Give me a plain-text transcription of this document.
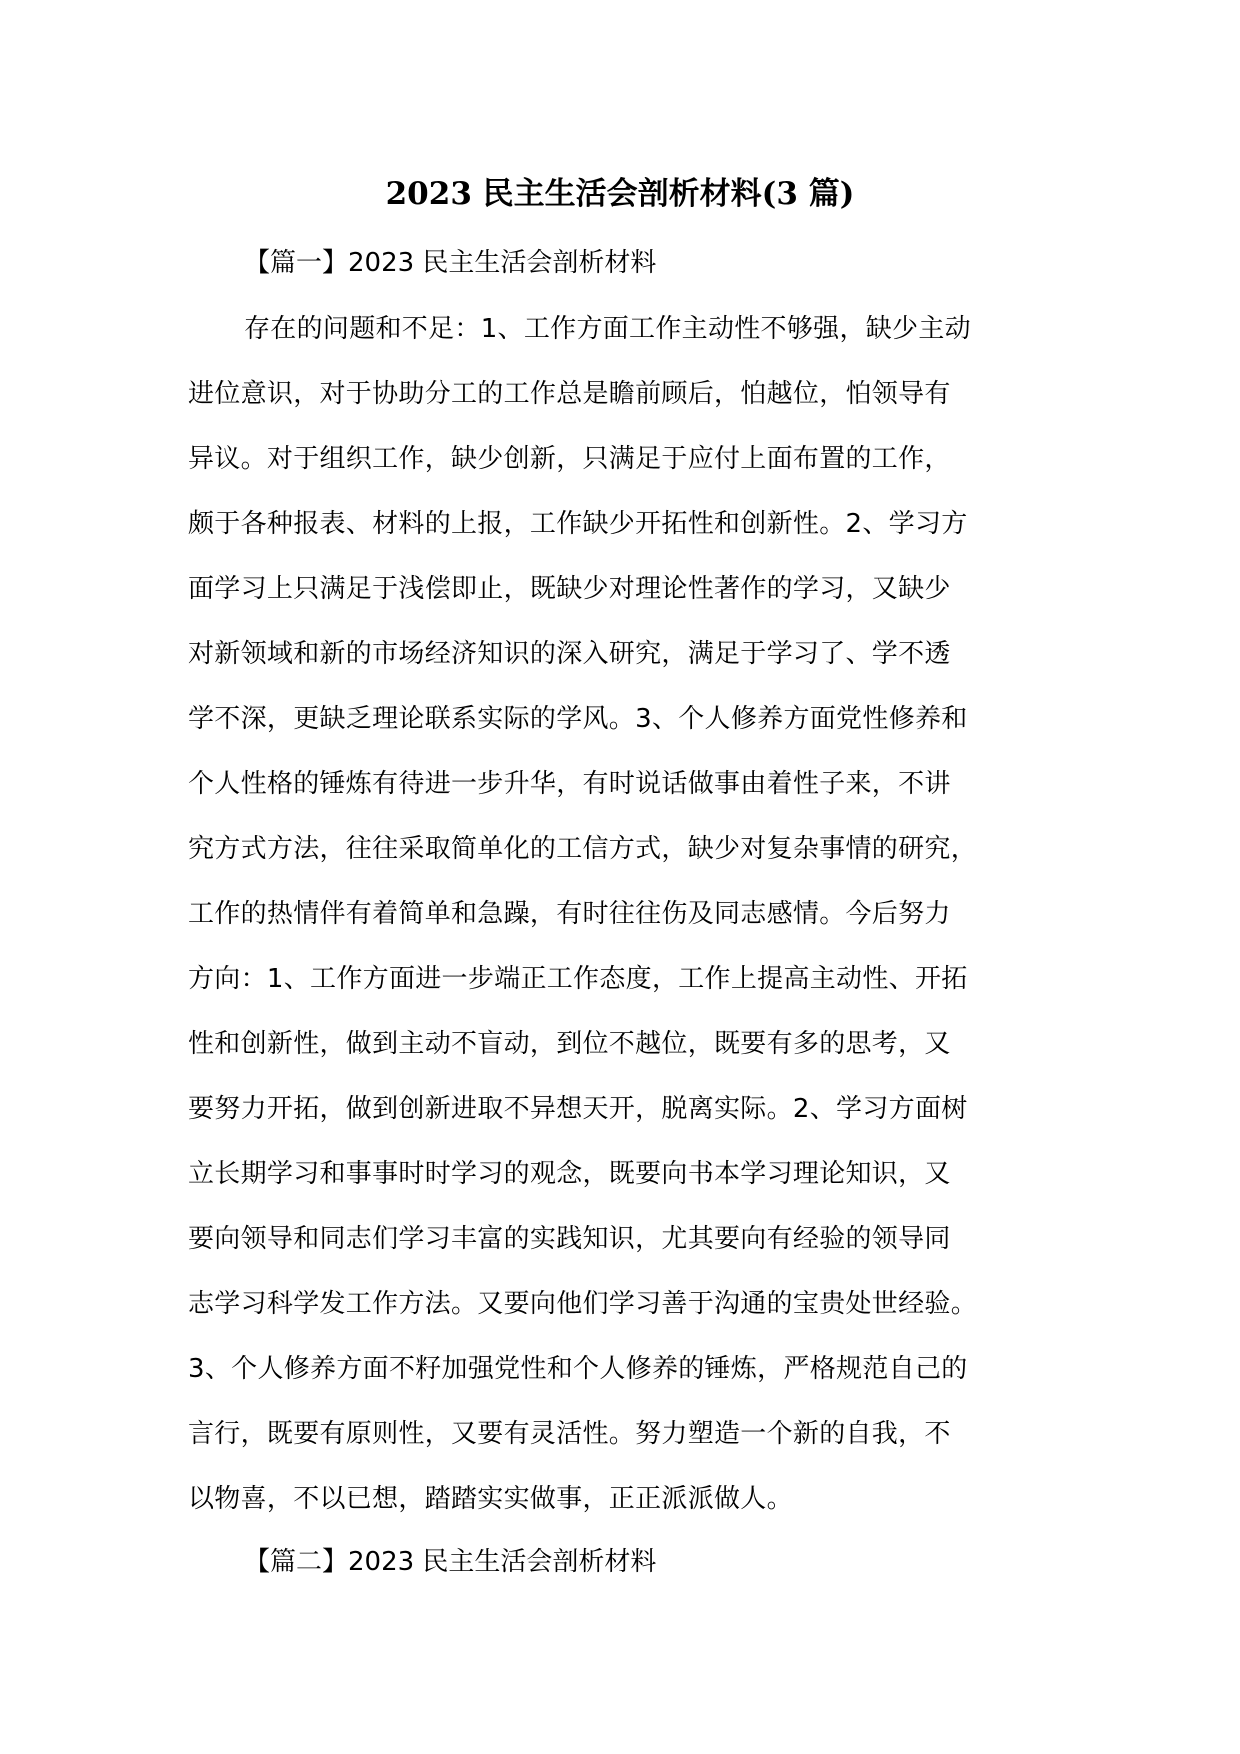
2023 民主生活会剖析材料(3 篇)
【篇一】2023 民主生活会剖析材料
存在的问题和不足：1、工作方面工作主动性不够强，缺少主动
进位意识，对于协助分工的工作总是瞻前顾后，怕越位，怕领导有
异议。对于组织工作，缺少创新，只满足于应付上面布置的工作，
颇于各种报表、材料的上报，工作缺少开拓性和创新性。2、学习方
面学习上只满足于浅偿即止，既缺少对理论性著作的学习，又缺少
对新领域和新的市场经济知识的深入研究，满足于学习了、学不透
学不深，更缺乏理论联系实际的学风。3、个人修养方面党性修养和
个人性格的锤炼有待进一步升华，有时说话做事由着性子来，不讲
究方式方法，往往采取简单化的工信方式，缺少对复杂事情的研究，
工作的热情伴有着简单和急躁，有时往往伤及同志感情。今后努力
方向：1、工作方面进一步端正工作态度，工作上提高主动性、开拓
性和创新性，做到主动不盲动，到位不越位，既要有多的思考，又
要努力开拓，做到创新进取不异想天开，脱离实际。2、学习方面树
立长期学习和事事时时学习的观念，既要向书本学习理论知识，又
要向领导和同志们学习丰富的实践知识，尤其要向有经验的领导同
志学习科学发工作方法。又要向他们学习善于沟通的宝贵处世经验。
3、个人修养方面不籽加强党性和个人修养的锤炼，严格规范自己的
言行，既要有原则性，又要有灵活性。努力塑造一个新的自我，不
以物喜，不以已想，踏踏实实做事，正正派派做人。
【篇二】2023 民主生活会剖析材料
